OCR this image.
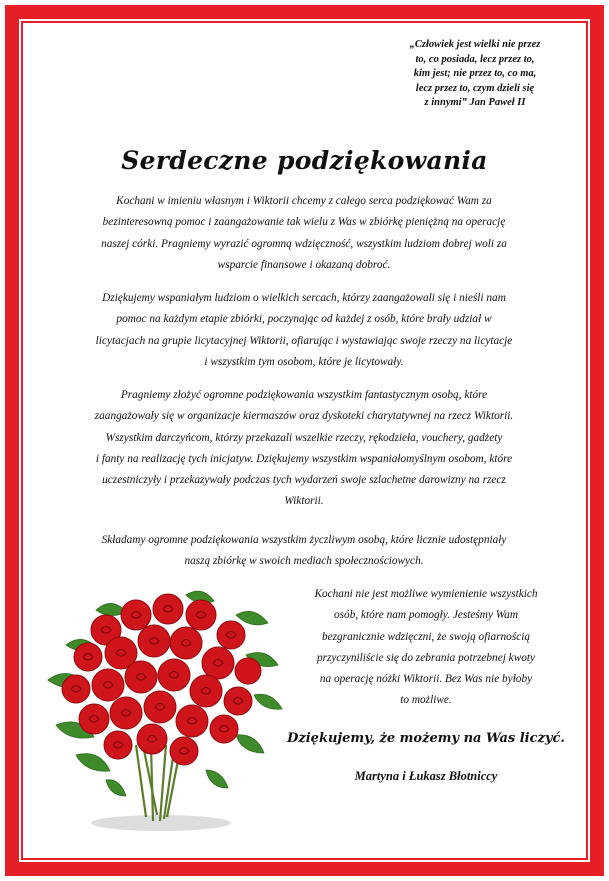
„Człowiek jest wielki nie przez
to, co posiada, lecz przez to,
kim jest; nie przez to, co ma,
lecz przez to, czym dzieli się
z innymi” Jan Paweł II
Serdeczne podziękowania
Kochani w imieniu własnym i Wiktorii chcemy z całego serca podziękować Wam za
bezinteresowną pomoc i zaangażowanie tak wielu z Was w zbiórkę pieniężną na operację
naszej córki. Pragniemy wyrazić ogromną wdzięczność, wszystkim ludziom dobrej woli za
wsparcie finansowe i okazaną dobroć.
Dziękujemy wspaniałym ludziom o wielkich sercach, którzy zaangażowali się i nieśli nam
pomoc na każdym etapie zbiórki, poczynając od każdej z osób, które brały udział w
licytacjach na grupie licytacyjnej Wiktorii, ofiarując i wystawiając swoje rzeczy na licytacje
i wszystkim tym osobom, które je licytowały.
Pragniemy złożyć ogromne podziękowania wszystkim fantastycznym osobą, które
zaangażowały się w organizacje kiermaszów oraz dyskoteki charytatywnej na rzecz Wiktorii.
Wszystkim darczyńcom, którzy przekazali wszelkie rzeczy, rękodzieła, vouchery, gadżety
i fanty na realizację tych inicjatyw. Dziękujemy wszystkim wspaniałomyślnym osobom, które
uczestniczyły i przekazywały podczas tych wydarzeń swoje szlachetne darowizny na rzecz
Wiktorii.
Składamy ogromne podziękowania wszystkim życzliwym osobą, które licznie udostępniały
naszą zbiórkę w swoich mediach społecznościowych.
Kochani nie jest możliwe wymienienie wszystkich
osób, które nam pomogły. Jesteśmy Wam
bezgranicznie wdzięczni, że swoją ofiarnością
przyczyniliście się do zebrania potrzebnej kwoty
na operację nóżki Wiktorii. Bez Was nie byłoby
to możliwe.
Dziękujemy, że możemy na Was liczyć.
Martyna i Łukasz Błotniccy
